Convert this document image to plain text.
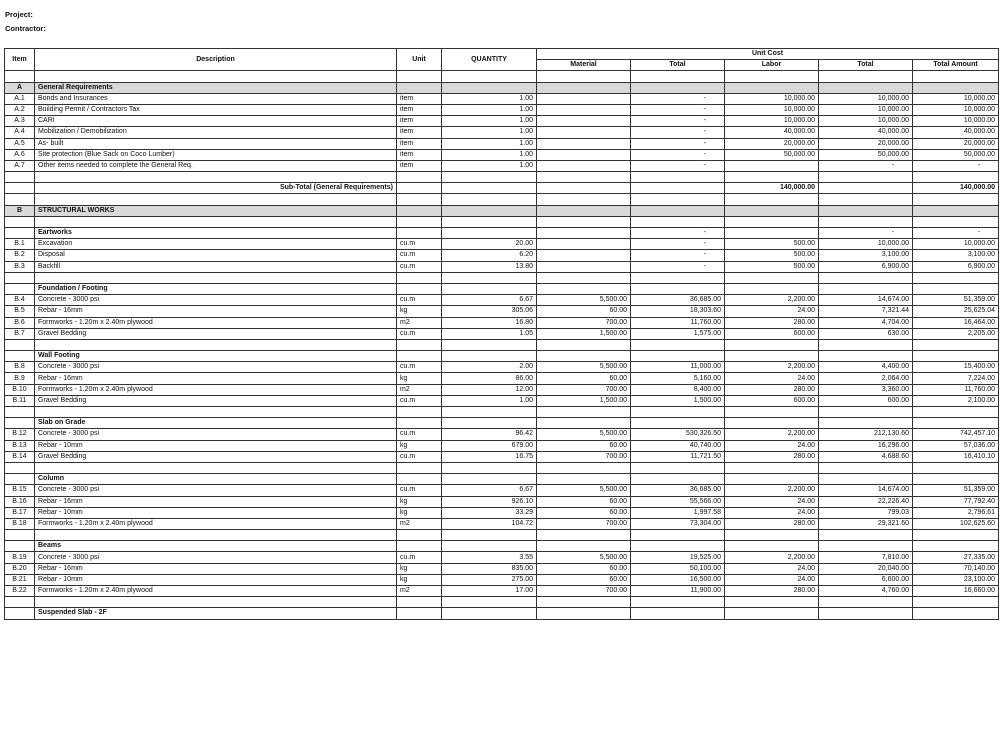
Project:
Contractor:
Item	Description	Unit	QUANTITY	Unit Cost				
				Material	Total	Labor	Total	Total Amount

A	General Requirements							
A.1	Bonds and Insurances	item	1.00		-	10,000.00	10,000.00	10,000.00
A.2	Building Permit / Contractors Tax	item	1.00		-	10,000.00	10,000.00	10,000.00
A.3	CARI	item	1.00		-	10,000.00	10,000.00	10,000.00
A.4	Mobilization / Demobilization	item	1.00		-	40,000.00	40,000.00	40,000.00
A.5	As- built	item	1.00		-	20,000.00	20,000.00	20,000.00
A.6	Site protection (Blue Sack on Coco Lumber)	item	1.00		-	50,000.00	50,000.00	50,000.00
A.7	Other items needed to complete the General Req.	item	1.00		-		-	-

	Sub-Total (General Requirements)					140,000.00		140,000.00

B	STRUCTURAL WORKS							

	Eartworks				-		-	-
B.1	Excavation	cu.m	20.00		-	500.00	10,000.00	10,000.00
B.2	Disposal	cu.m	6.20		-	500.00	3,100.00	3,100.00
B.3	Backfill	cu.m	13.80		-	500.00	6,900.00	6,900.00

	Foundation / Footing							
B.4	Concrete - 3000 psi	cu.m	6.67	5,500.00	36,685.00	2,200.00	14,674.00	51,359.00
B.5	Rebar - 16mm	kg	305.06	60.00	18,303.60	24.00	7,321.44	25,625.04
B.6	Formworks - 1.20m x 2.40m plywood	m2	16.80	700.00	11,760.00	280.00	4,704.00	16,464.00
B.7	Gravel Bedding	cu.m	1.05	1,500.00	1,575.00	600.00	630.00	2,205.00

	Wall Footing							
B.8	Concrete - 3000 psi	cu.m	2.00	5,500.00	11,000.00	2,200.00	4,400.00	15,400.00
B.9	Rebar - 16mm	kg	86.00	60.00	5,160.00	24.00	2,064.00	7,224.00
B.10	Formworks - 1.20m x 2.40m plywood	m2	12.00	700.00	8,400.00	280.00	3,360.00	11,760.00
B.11	Gravel Bedding	cu.m	1.00	1,500.00	1,500.00	600.00	600.00	2,100.00

	Slab on Grade							
B.12	Concrete - 3000 psi	cu.m	96.42	5,500.00	530,326.50	2,200.00	212,130.60	742,457.10
B.13	Rebar - 10mm	kg	679.00	60.00	40,740.00	24.00	16,296.00	57,036.00
B.14	Gravel Bedding	cu.m	16.75	700.00	11,721.50	280.00	4,688.60	16,410.10

	Column							
B.15	Concrete - 3000 psi	cu.m	6.67	5,500.00	36,685.00	2,200.00	14,674.00	51,359.00
B.16	Rebar - 16mm	kg	926.10	60.00	55,566.00	24.00	22,226.40	77,792.40
B.17	Rebar - 10mm	kg	33.29	60.00	1,997.58	24.00	799.03	2,796.61
B.18	Formworks - 1.20m x 2.40m plywood	m2	104.72	700.00	73,304.00	280.00	29,321.60	102,625.60

	Beams							
B.19	Concrete - 3000 psi	cu.m	3.55	5,500.00	19,525.00	2,200.00	7,810.00	27,335.00
B.20	Rebar - 16mm	kg	835.00	60.00	50,100.00	24.00	20,040.00	70,140.00
B.21	Rebar - 10mm	kg	275.00	60.00	16,500.00	24.00	6,600.00	23,100.00
B.22	Formworks - 1.20m x 2.40m plywood	m2	17.00	700.00	11,900.00	280.00	4,760.00	16,660.00

	Suspended Slab - 2F							
